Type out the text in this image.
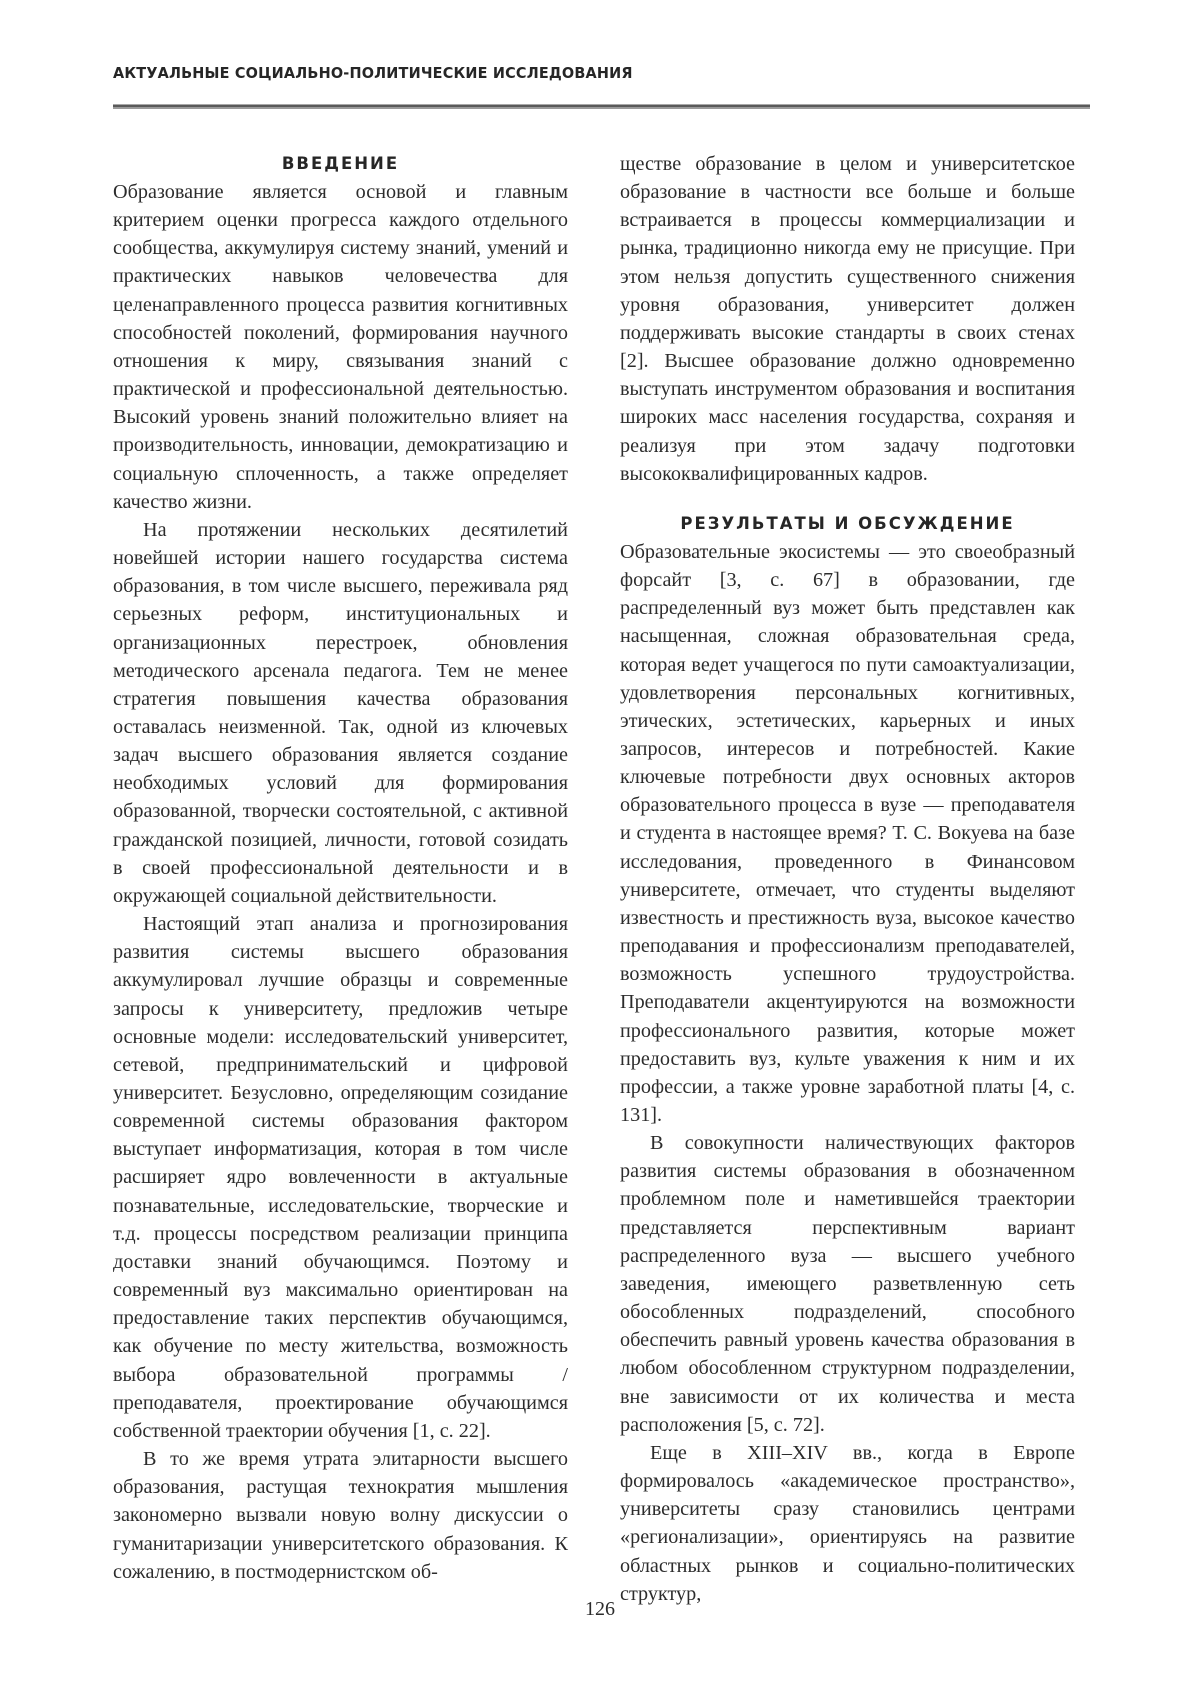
АКТУАЛЬНЫЕ СОЦИАЛЬНО-ПОЛИТИЧЕСКИЕ ИССЛЕДОВАНИЯ
ВВЕДЕНИЕ

Образование является основой и главным критерием оценки прогресса каждого отдельного сообщества, аккумулируя систему знаний, умений и практических навыков человечества для целенаправленного процесса развития когнитивных способностей поколений, формирования научного отношения к миру, связывания знаний с практической и профессиональной деятельностью. Высокий уровень знаний положительно влияет на производительность, инновации, демократизацию и социальную сплоченность, а также определяет качество жизни.

На протяжении нескольких десятилетий новейшей истории нашего государства система образования, в том числе высшего, переживала ряд серьезных реформ, институциональных и организационных перестроек, обновления методического арсенала педагога. Тем не менее стратегия повышения качества образования оставалась неизменной. Так, одной из ключевых задач высшего образования является создание необходимых условий для формирования образованной, творчески состоятельной, с активной гражданской позицией, личности, готовой созидать в своей профессиональной деятельности и в окружающей социальной действительности.

Настоящий этап анализа и прогнозирования развития системы высшего образования аккумулировал лучшие образцы и современные запросы к университету, предложив четыре основные модели: исследовательский университет, сетевой, предпринимательский и цифровой университет. Безусловно, определяющим созидание современной системы образования фактором выступает информатизация, которая в том числе расширяет ядро вовлеченности в актуальные познавательные, исследовательские, творческие и т.д. процессы посредством реализации принципа доставки знаний обучающимся. Поэтому и современный вуз максимально ориентирован на предоставление таких перспектив обучающимся, как обучение по месту жительства, возможность выбора образовательной программы / преподавателя, проектирование обучающимся собственной траектории обучения [1, с. 22].

В то же время утрата элитарности высшего образования, растущая технократия мышления закономерно вызвали новую волну дискуссии о гуманитаризации университетского образования. К сожалению, в постмодернистском об-

ществе образование в целом и университетское образование в частности все больше и больше встраивается в процессы коммерциализации и рынка, традиционно никогда ему не присущие. При этом нельзя допустить существенного снижения уровня образования, университет должен поддерживать высокие стандарты в своих стенах [2]. Высшее образование должно одновременно выступать инструментом образования и воспитания широких масс населения государства, сохраняя и реализуя при этом задачу подготовки высококвалифицированных кадров.

РЕЗУЛЬТАТЫ И ОБСУЖДЕНИЕ

Образовательные экосистемы — это своеобразный форсайт [3, с. 67] в образовании, где распределенный вуз может быть представлен как насыщенная, сложная образовательная среда, которая ведет учащегося по пути самоактуализации, удовлетворения персональных когнитивных, этических, эстетических, карьерных и иных запросов, интересов и потребностей. Какие ключевые потребности двух основных акторов образовательного процесса в вузе — преподавателя и студента в настоящее время? Т. С. Вокуева на базе исследования, проведенного в Финансовом университете, отмечает, что студенты выделяют известность и престижность вуза, высокое качество преподавания и профессионализм преподавателей, возможность успешного трудоустройства. Преподаватели акцентуируются на возможности профессионального развития, которые может предоставить вуз, культе уважения к ним и их профессии, а также уровне заработной платы [4, с. 131].

В совокупности наличествующих факторов развития системы образования в обозначенном проблемном поле и наметившейся траектории представляется перспективным вариант распределенного вуза — высшего учебного заведения, имеющего разветвленную сеть обособленных подразделений, способного обеспечить равный уровень качества образования в любом обособленном структурном подразделении, вне зависимости от их количества и места расположения [5, с. 72].

Еще в XIII–XIV вв., когда в Европе формировалось «академическое пространство», университеты сразу становились центрами «регионализации», ориентируясь на развитие областных рынков и социально-политических структур,

126
